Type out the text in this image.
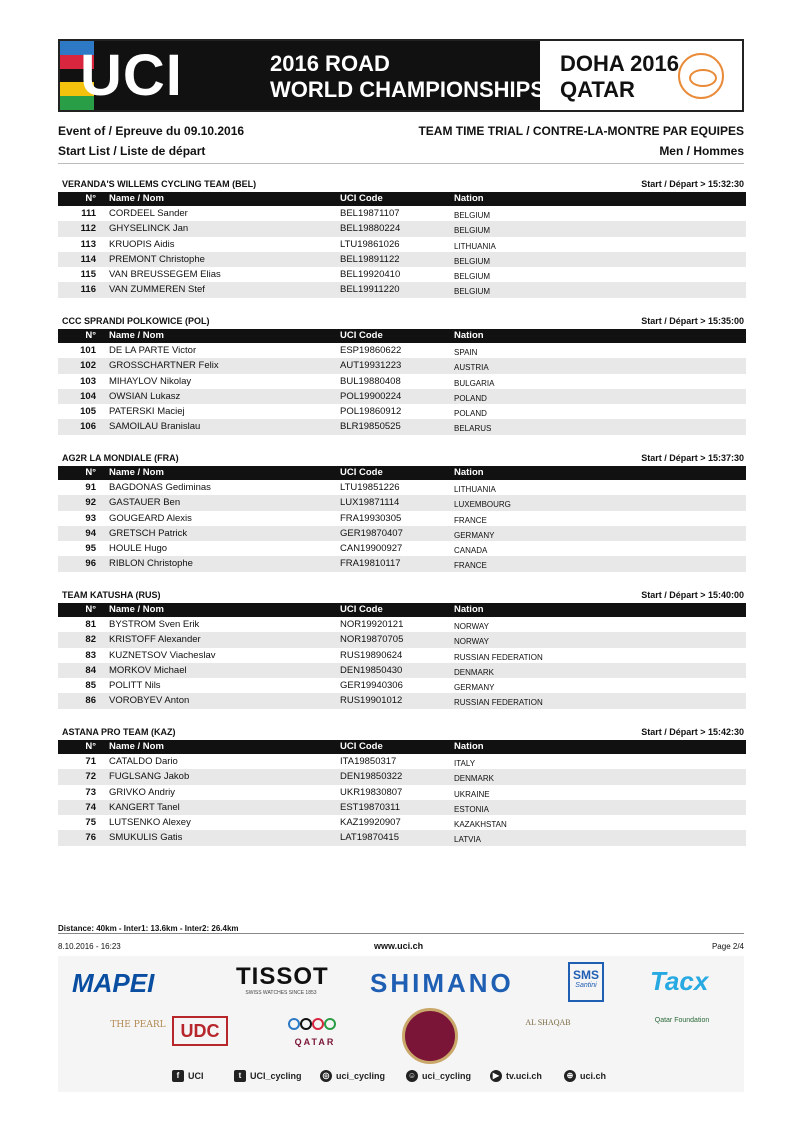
UCI	2016 ROAD
WORLD CHAMPIONSHIPS
DOHA 2016
QATAR
Event of / Epreuve du 09.10.2016	TEAM TIME TRIAL / CONTRE-LA-MONTRE PAR EQUIPES
Start List / Liste de départ	Men / Hommes
VERANDA'S WILLEMS CYCLING TEAM (BEL)	Start / Départ > 15:32:30
N° Name / Nom	UCI Code	Nation
111 CORDEEL Sander	BEL19871107	BELGIUM
112 GHYSELINCK Jan	BEL19880224	BELGIUM
113 KRUOPIS Aidis	LTU19861026	LITHUANIA
114 PREMONT Christophe	BEL19891122	BELGIUM
115 VAN BREUSSEGEM Elias	BEL19920410	BELGIUM
116 VAN ZUMMEREN Stef	BEL19911220	BELGIUM
CCC SPRANDI POLKOWICE (POL)	Start / Départ > 15:35:00
N° Name / Nom	UCI Code	Nation
101 DE LA PARTE Victor	ESP19860622	SPAIN
102 GROSSCHARTNER Felix	AUT19931223	AUSTRIA
103 MIHAYLOV Nikolay	BUL19880408	BULGARIA
104 OWSIAN Lukasz	POL19900224	POLAND
105 PATERSKI Maciej	POL19860912	POLAND
106 SAMOILAU Branislau	BLR19850525	BELARUS
AG2R LA MONDIALE (FRA)	Start / Départ > 15:37:30
N° Name / Nom	UCI Code	Nation
91 BAGDONAS Gediminas	LTU19851226	LITHUANIA
92 GASTAUER Ben	LUX19871114	LUXEMBOURG
93 GOUGEARD Alexis	FRA19930305	FRANCE
94 GRETSCH Patrick	GER19870407	GERMANY
95 HOULE Hugo	CAN19900927	CANADA
96 RIBLON Christophe	FRA19810117	FRANCE
TEAM KATUSHA (RUS)	Start / Départ > 15:40:00
N° Name / Nom	UCI Code	Nation
81 BYSTROM Sven Erik	NOR19920121	NORWAY
82 KRISTOFF Alexander	NOR19870705	NORWAY
83 KUZNETSOV Viacheslav	RUS19890624	RUSSIAN FEDERATION
84 MORKOV Michael	DEN19850430	DENMARK
85 POLITT Nils	GER19940306	GERMANY
86 VOROBYEV Anton	RUS19901012	RUSSIAN FEDERATION
ASTANA PRO TEAM (KAZ)	Start / Départ > 15:42:30
N° Name / Nom	UCI Code	Nation
71 CATALDO Dario	ITA19850317	ITALY
72 FUGLSANG Jakob	DEN19850322	DENMARK
73 GRIVKO Andriy	UKR19830807	UKRAINE
74 KANGERT Tanel	EST19870311	ESTONIA
75 LUTSENKO Alexey	KAZ19920907	KAZAKHSTAN
76 SMUKULIS Gatis	LAT19870415	LATVIA
Distance: 40km - Inter1: 13.6km - Inter2: 26.4km
8.10.2016 - 16:23	www.uci.ch	Page 2/4
MAPEI	TISSOT
SWISS WATCHES SINCE 1853	SHIMANO	SMS
Santini Tacx
THE PEARL UDC
QATAR
AL SHAQAB	Qatar Foundation
f UCI	t UCI_cycling	◎ uci_cycling	☺ uci_cycling	▶ tv.uci.ch	⊕ uci.ch
